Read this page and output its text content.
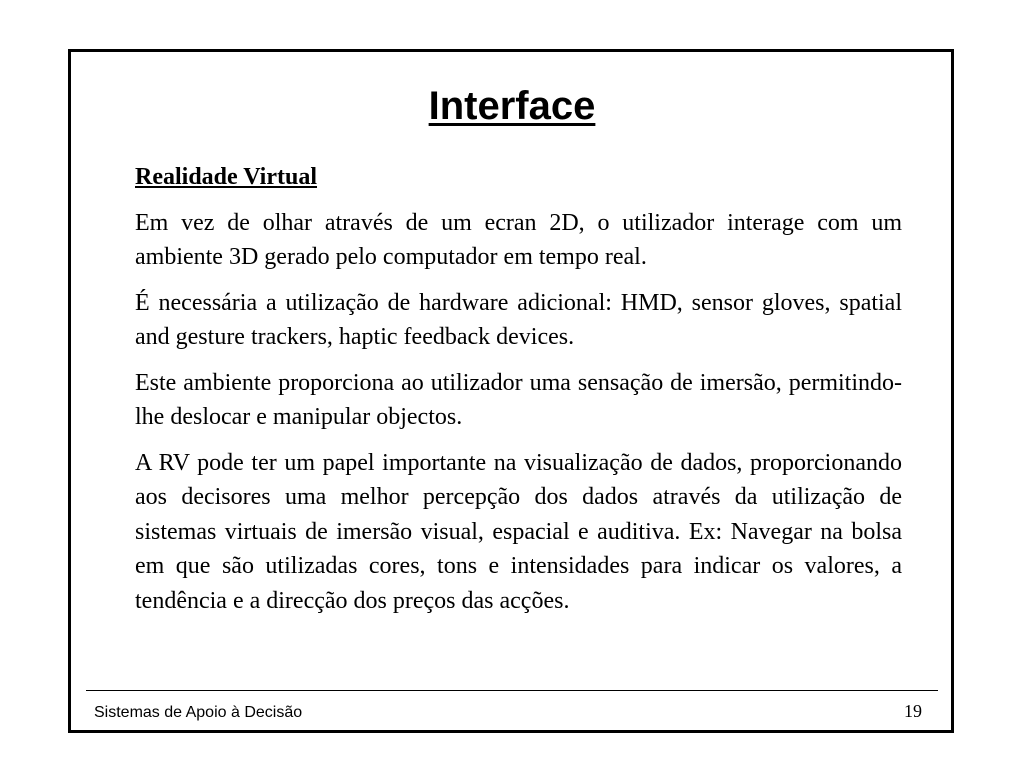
Interface
Realidade Virtual

Em vez de olhar através de um ecran 2D, o utilizador interage com um ambiente 3D gerado pelo computador em tempo real.

É necessária a utilização de hardware adicional: HMD, sensor gloves, spatial and gesture trackers, haptic feedback devices.

Este ambiente proporciona ao utilizador uma sensação de imersão, permitindo-lhe deslocar e manipular objectos.

A RV pode ter um papel importante na visualização de dados, proporcionando aos decisores uma melhor percepção dos dados através da utilização de sistemas virtuais de imersão visual, espacial e auditiva. Ex: Navegar na bolsa em que são utilizadas cores, tons e intensidades para indicar os valores, a tendência e a direcção dos preços das acções.

Sistemas de Apoio à Decisão	19
